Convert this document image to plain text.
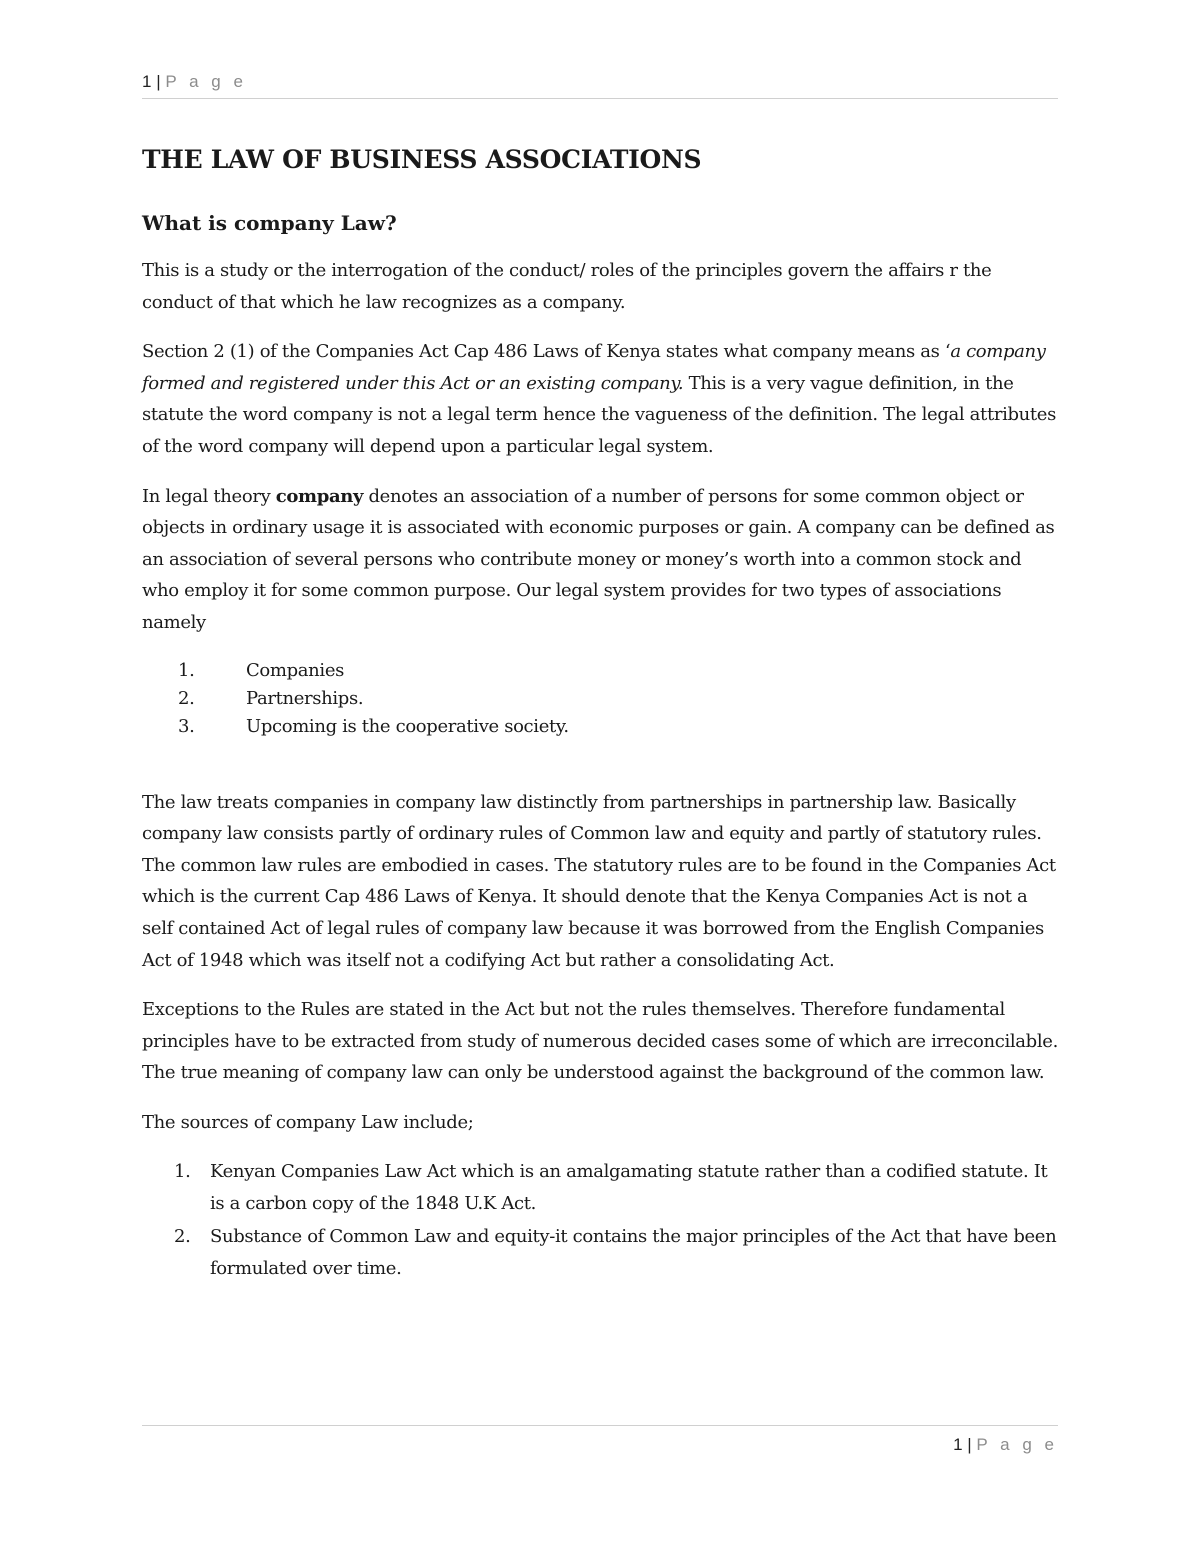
1 | P a g e
THE LAW OF BUSINESS ASSOCIATIONS
What is company Law?

This is a study or the interrogation of the conduct/ roles of the principles govern the affairs r the conduct of that which he law recognizes as a company.

Section 2 (1) of the Companies Act Cap 486 Laws of Kenya states what company means as ‘a company formed and registered under this Act or an existing company. This is a very vague definition, in the statute the word company is not a legal term hence the vagueness of the definition. The legal attributes of the word company will depend upon a particular legal system.

In legal theory company denotes an association of a number of persons for some common object or objects in ordinary usage it is associated with economic purposes or gain. A company can be defined as an association of several persons who contribute money or money’s worth into a common stock and who employ it for some common purpose. Our legal system provides for two types of associations namely

1.	Companies
2.	Partnerships.
3.	Upcoming is the cooperative society.

The law treats companies in company law distinctly from partnerships in partnership law. Basically company law consists partly of ordinary rules of Common law and equity and partly of statutory rules. The common law rules are embodied in cases. The statutory rules are to be found in the Companies Act which is the current Cap 486 Laws of Kenya. It should denote that the Kenya Companies Act is not a self contained Act of legal rules of company law because it was borrowed from the English Companies Act of 1948 which was itself not a codifying Act but rather a consolidating Act.

Exceptions to the Rules are stated in the Act but not the rules themselves. Therefore fundamental principles have to be extracted from study of numerous decided cases some of which are irreconcilable. The true meaning of company law can only be understood against the background of the common law.

The sources of company Law include;

1.	Kenyan Companies Law Act which is an amalgamating statute rather than a codified statute. It is a carbon copy of the 1848 U.K Act.
2.	Substance of Common Law and equity-it contains the major principles of the Act that have been formulated over time.
1 | P a g e
